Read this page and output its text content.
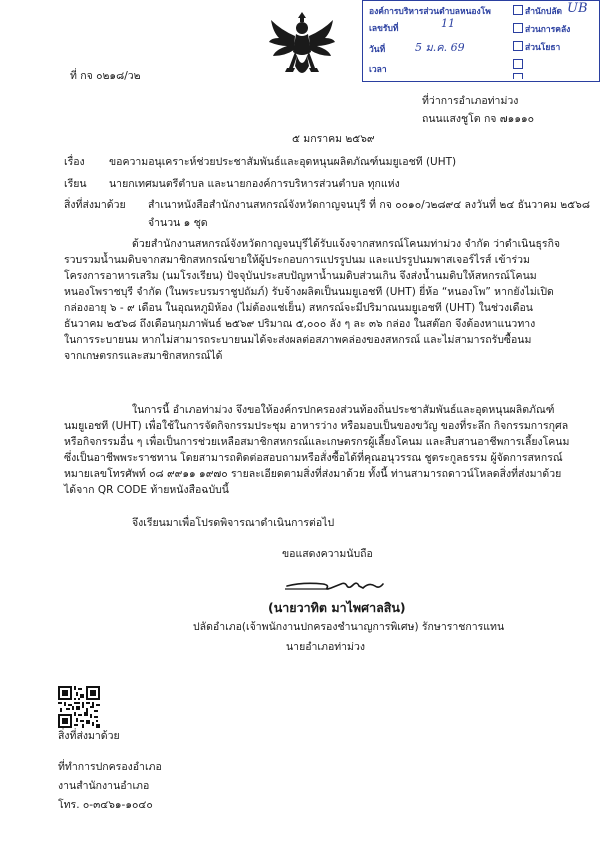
องค์การบริหารส่วนตำบลหนองโพ
เลขรับที่	11
วันที่	5 ม.ค. 69
เวลา
UB
สำนักปลัด
ส่วนการคลัง
ส่วนโยธา
ที่ กจ ๐๒๑๘/ว๒
ที่ว่าการอำเภอท่าม่วง
ถนนแสงชูโต กจ ๗๑๑๑๐
๕ มกราคม ๒๕๖๙
เรื่อง ขอความอนุเคราะห์ช่วยประชาสัมพันธ์และอุดหนุนผลิตภัณฑ์นมยูเอชที (UHT)
เรียน นายกเทศมนตรีตำบล และนายกองค์การบริหารส่วนตำบล ทุกแห่ง
สิ่งที่ส่งมาด้วย สำเนาหนังสือสำนักงานสหกรณ์จังหวัดกาญจนบุรี ที่ กจ ๐๐๑๐/ว๒๘๙๔ ลงวันที่ ๒๔ ธันวาคม ๒๕๖๘
จำนวน ๑ ชุด
ด้วยสำนักงานสหกรณ์จังหวัดกาญจนบุรีได้รับแจ้งจากสหกรณ์โคนมท่าม่วง จำกัด ว่าดำเนินธุรกิจ
รวบรวมน้ำนมดิบจากสมาชิกสหกรณ์ขายให้ผู้ประกอบการแปรรูปนม และแปรรูปนมพาสเจอร์ไรส์ เข้าร่วม
โครงการอาหารเสริม (นมโรงเรียน) ปัจจุบันประสบปัญหาน้ำนมดิบส่วนเกิน จึงส่งน้ำนมดิบให้สหกรณ์โคนม
หนองโพราชบุรี จำกัด (ในพระบรมราชูปถัมภ์) รับจ้างผลิตเป็นนมยูเอชที (UHT) ยี่ห้อ “หนองโพ” หากยังไม่เปิด
กล่องอายุ ๖ - ๙ เดือน ในอุณหภูมิห้อง (ไม่ต้องแช่เย็น) สหกรณ์จะมีปริมาณนมยูเอชที (UHT) ในช่วงเดือน
ธันวาคม ๒๕๖๘ ถึงเดือนกุมภาพันธ์ ๒๕๖๙ ปริมาณ ๕,๐๐๐ ลัง ๆ ละ ๓๖ กล่อง ในสต๊อก จึงต้องหาแนวทาง
ในการระบายนม หากไม่สามารถระบายนมได้จะส่งผลต่อสภาพคล่องของสหกรณ์ และไม่สามารถรับซื้อนม
จากเกษตรกรและสมาชิกสหกรณ์ได้
ในการนี้ อำเภอท่าม่วง จึงขอให้องค์กรปกครองส่วนท้องถิ่นประชาสัมพันธ์และอุดหนุนผลิตภัณฑ์
นมยูเอชที (UHT) เพื่อใช้ในการจัดกิจกรรมประชุม อาหารว่าง หรือมอบเป็นของขวัญ ของที่ระลึก กิจกรรมการกุศล
หรือกิจกรรมอื่น ๆ เพื่อเป็นการช่วยเหลือสมาชิกสหกรณ์และเกษตรกรผู้เลี้ยงโคนม และสืบสานอาชีพการเลี้ยงโคนม
ซึ่งเป็นอาชีพพระราชทาน โดยสามารถติดต่อสอบถามหรือสั่งซื้อได้ที่คุณอนุวรรณ ชูตระกูลธรรม ผู้จัดการสหกรณ์
หมายเลขโทรศัพท์ ๐๘ ๙๙๑๑ ๑๙๗๐ รายละเอียดตามสิ่งที่ส่งมาด้วย ทั้งนี้ ท่านสามารถดาวน์โหลดสิ่งที่ส่งมาด้วย
ได้จาก QR CODE ท้ายหนังสือฉบับนี้
จึงเรียนมาเพื่อโปรดพิจารณาดำเนินการต่อไป
ขอแสดงความนับถือ
(นายวาทิต มาไพศาลสิน)
ปลัดอำเภอ(เจ้าพนักงานปกครองชำนาญการพิเศษ) รักษาราชการแทน
นายอำเภอท่าม่วง
สิ่งที่ส่งมาด้วย
ที่ทำการปกครองอำเภอ
งานสำนักงานอำเภอ
โทร. ๐-๓๔๖๑-๑๐๔๐
